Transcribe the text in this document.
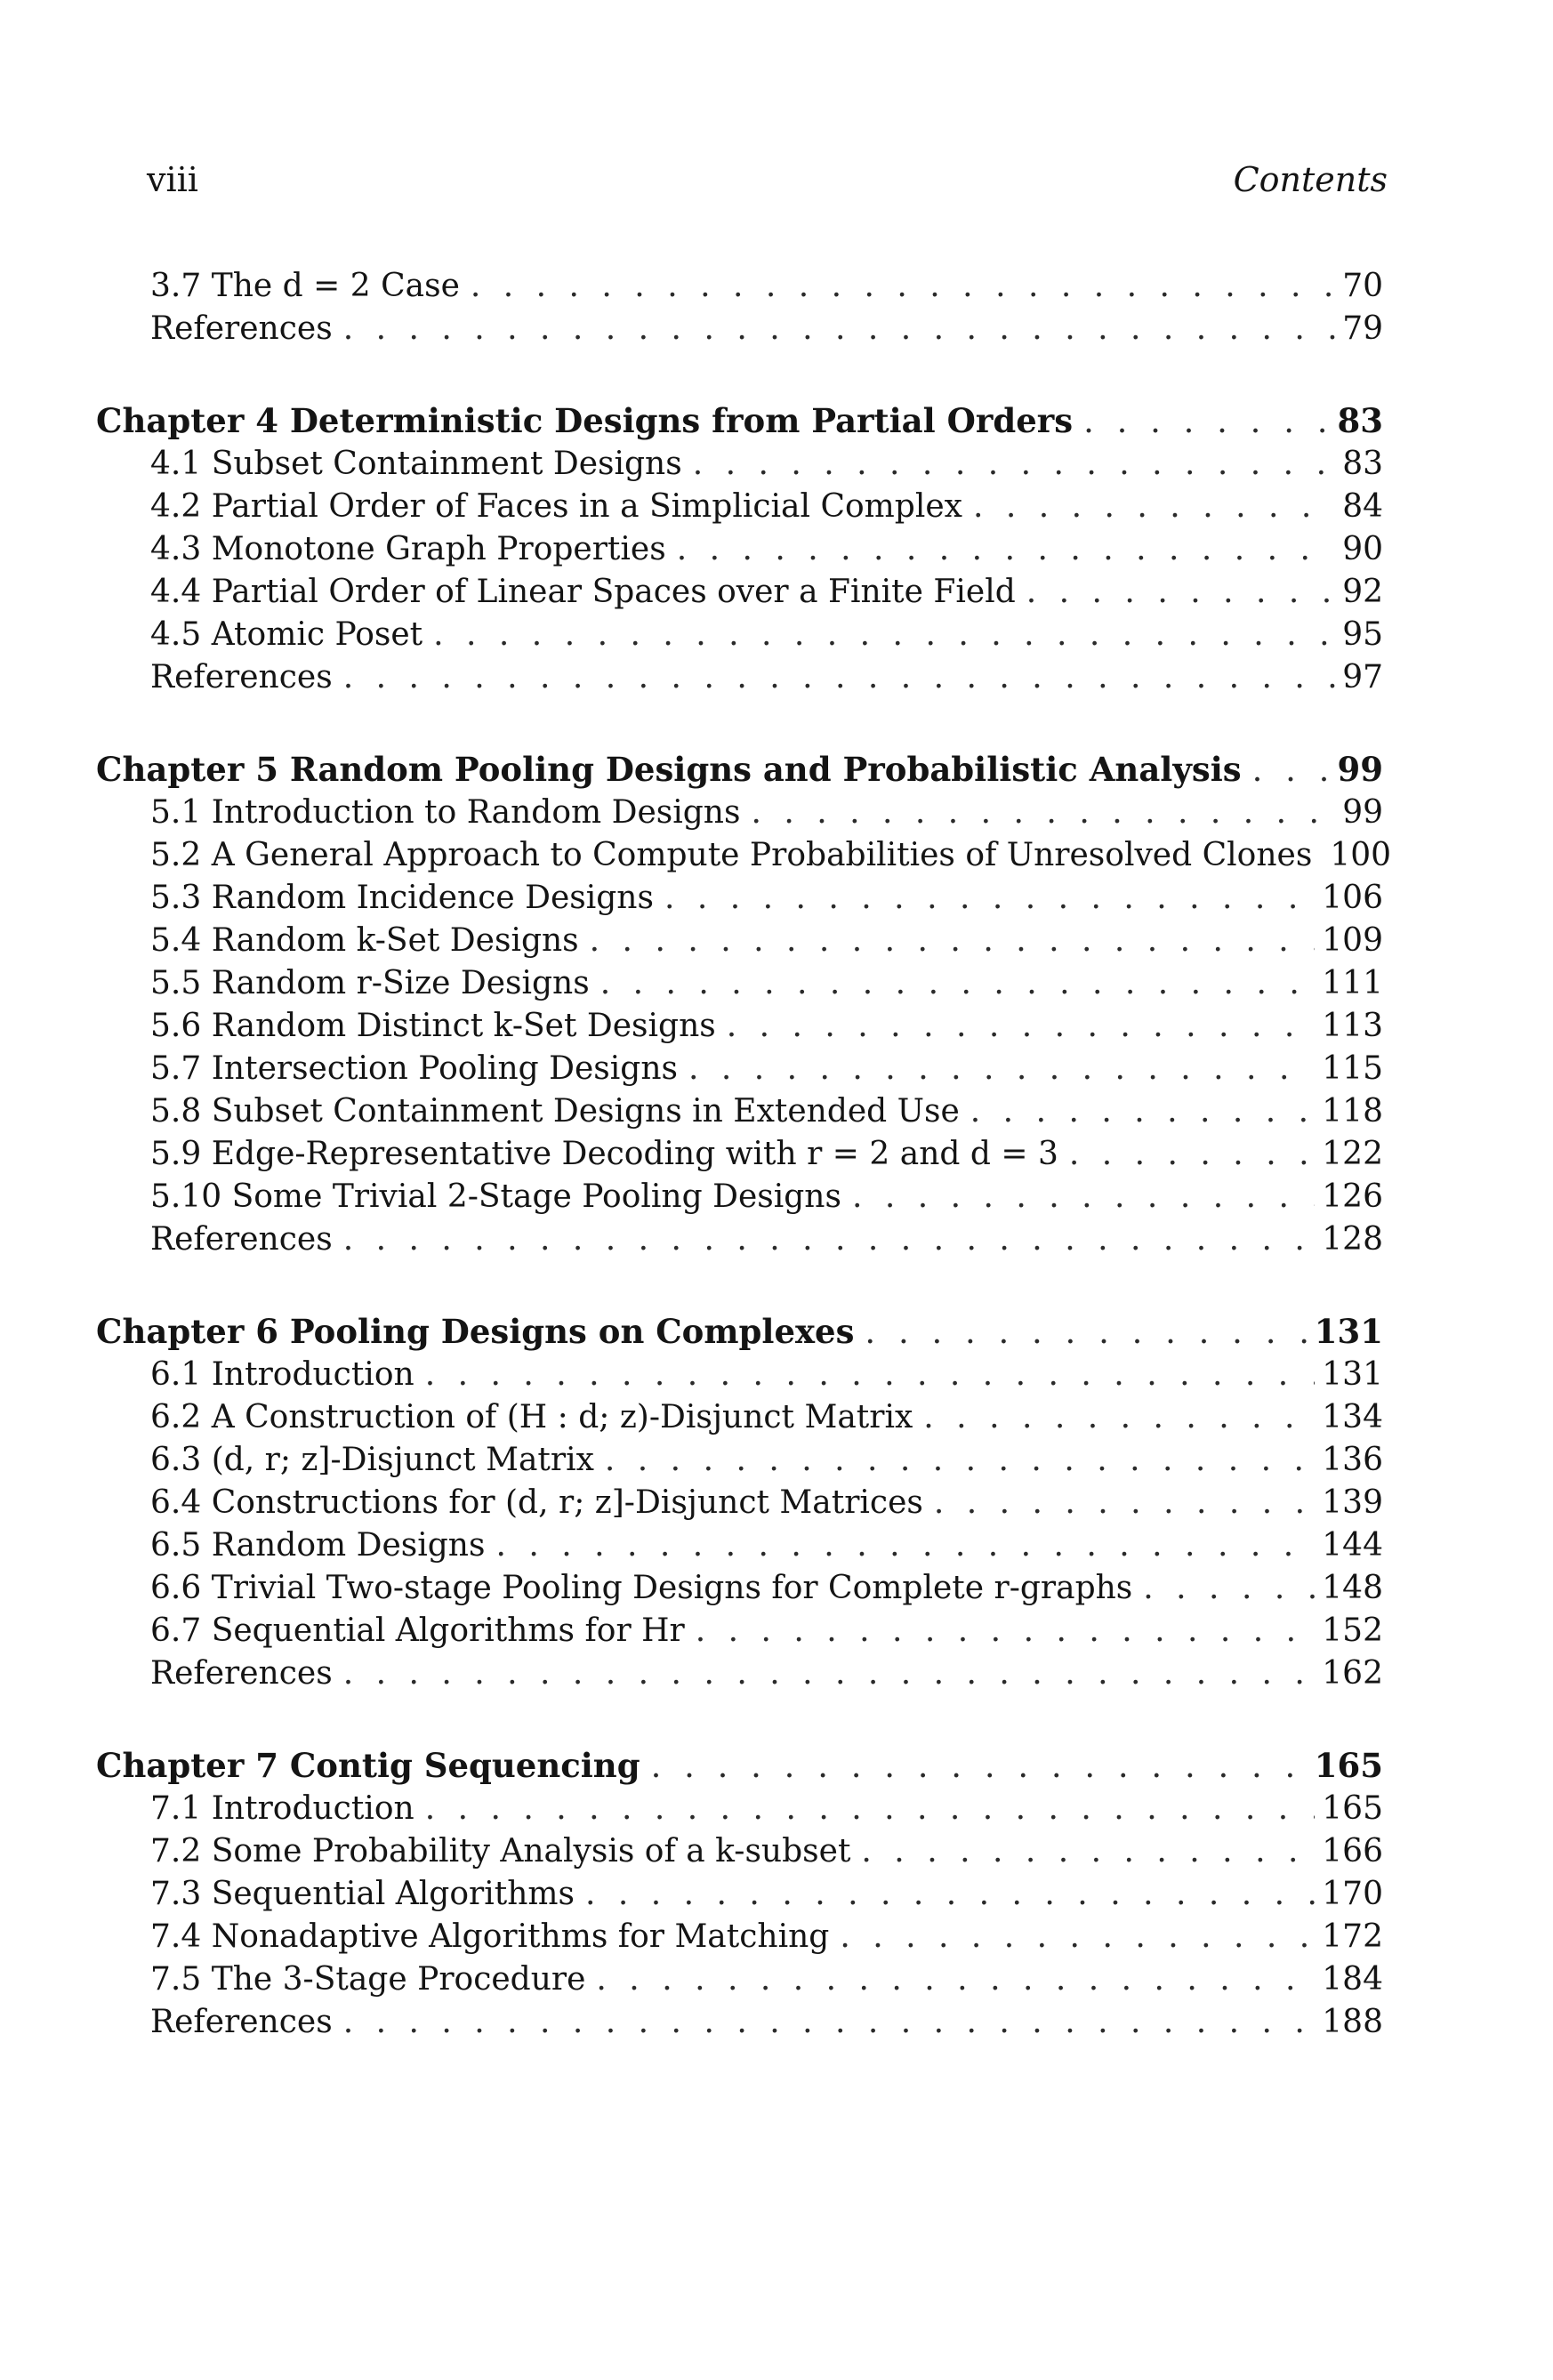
viii	Contents
3.7 The d = 2 Case . . .	70
References . . .	79
Chapter 4 Deterministic Designs from Partial Orders . . .	83
4.1 Subset Containment Designs . . .	83
4.2 Partial Order of Faces in a Simplicial Complex . . .	84
4.3 Monotone Graph Properties . . .	90
4.4 Partial Order of Linear Spaces over a Finite Field . . .	92
4.5 Atomic Poset . . .	95
References . . .	97
Chapter 5 Random Pooling Designs and Probabilistic Analysis . . .	99
5.1 Introduction to Random Designs . . .	99
5.2 A General Approach to Compute Probabilities of Unresolved Clones 100
5.3 Random Incidence Designs . . .	106
5.4 Random k-Set Designs . . .	109
5.5 Random r-Size Designs . . .	111
5.6 Random Distinct k-Set Designs . . .	113
5.7 Intersection Pooling Designs . . .	115
5.8 Subset Containment Designs in Extended Use . . .	118
5.9 Edge-Representative Decoding with r = 2 and d = 3 . . .	122
5.10 Some Trivial 2-Stage Pooling Designs . . .	126
References . . .	128
Chapter 6 Pooling Designs on Complexes . . .	131
6.1 Introduction . . .	131
6.2 A Construction of (H : d; z)-Disjunct Matrix . . .	134
6.3 (d, r; z]-Disjunct Matrix . . .	136
6.4 Constructions for (d, r; z]-Disjunct Matrices . . .	139
6.5 Random Designs . . .	144
6.6 Trivial Two-stage Pooling Designs for Complete r-graphs . . .	148
6.7 Sequential Algorithms for Hr . . .	152
References . . .	162
Chapter 7 Contig Sequencing . . .	165
7.1 Introduction . . .	165
7.2 Some Probability Analysis of a k-subset . . .	166
7.3 Sequential Algorithms . . .	170
7.4 Nonadaptive Algorithms for Matching . . .	172
7.5 The 3-Stage Procedure . . .	184
References . . .	188
